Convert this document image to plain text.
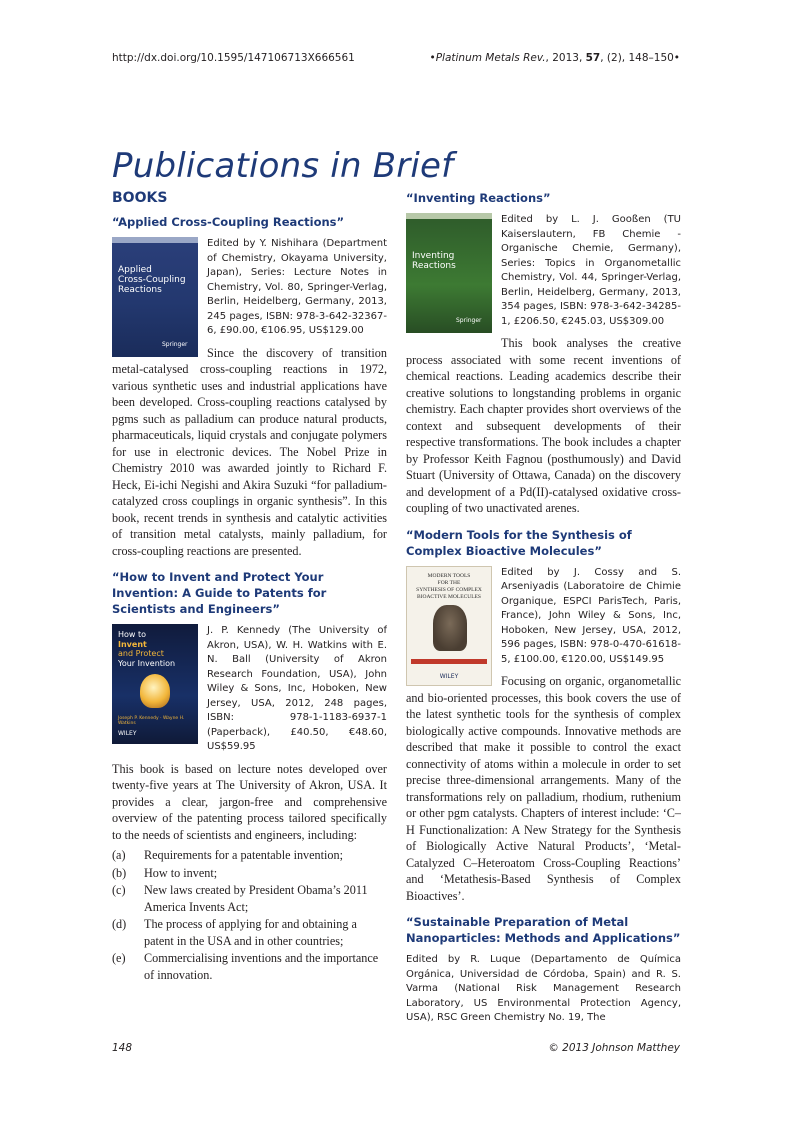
http://dx.doi.org/10.1595/147106713X666561	•Platinum Metals Rev., 2013, 57, (2), 148–150•
Publications in Brief
BOOKS
“Applied Cross-Coupling Reactions”
Applied
Cross-Coupling
Reactions
Springer

Edited by Y. Nishihara (Department of Chemistry, Okayama University, Japan), Series: Lecture Notes in Chemistry, Vol. 80, Springer-Verlag, Berlin, Heidelberg, Germany, 2013, 245 pages, ISBN: 978-3-642-32367-6, £90.00, €106.95, US$129.00

Since the discovery of transition metal-catalysed cross-coupling reactions in 1972, various synthetic uses and industrial applications have been developed. Cross-coupling reactions catalysed by pgms such as palladium can produce natural products, pharmaceuticals, liquid crystals and conjugate polymers for use in electronic devices. The Nobel Prize in Chemistry 2010 was awarded jointly to Richard F. Heck, Ei-ichi Negishi and Akira Suzuki “for palladium-catalyzed cross couplings in organic synthesis”. In this book, recent trends in synthesis and catalytic activities of transition metal catalysts, mainly palladium, for cross-coupling reactions are presented.

“How to Invent and Protect Your Invention: A Guide to Patents for Scientists and Engineers”
How to
Invent
and Protect
Your Invention
Joseph P. Kennedy · Wayne H. Watkins
WILEY

J. P. Kennedy (The University of Akron, USA), W. H. Watkins with E. N. Ball (University of Akron Research Foundation, USA), John Wiley & Sons, Inc, Hoboken, New Jersey, USA, 2012, 248 pages, ISBN: 978-1-1183-6937-1 (Paperback), £40.50, €48.60, US$59.95

This book is based on lecture notes developed over twenty-five years at The University of Akron, USA. It provides a clear, jargon-free and comprehensive overview of the patenting process tailored specifically to the needs of scientists and engineers, including:

(a) Requirements for a patentable invention;
(b) How to invent;
(c) New laws created by President Obama’s 2011 America Invents Act;
(d) The process of applying for and obtaining a patent in the USA and in other countries;
(e) Commercialising inventions and the importance of innovation.
“Inventing Reactions”
Inventing
Reactions
Springer

Edited by L. J. Gooßen (TU Kaiserslautern, FB Chemie - Organische Chemie, Germany), Series: Topics in Organometallic Chemistry, Vol. 44, Springer-Verlag, Berlin, Heidelberg, Germany, 2013, 354 pages, ISBN: 978-3-642-34285-1, £206.50, €245.03, US$309.00

This book analyses the creative process associated with some recent inventions of chemical reactions. Leading academics describe their creative solutions to longstanding problems in organic chemistry. Each chapter provides short overviews of the context and subsequent developments of their respective transformations. The book includes a chapter by Professor Keith Fagnou (posthumously) and David Stuart (University of Ottawa, Canada) on the discovery and development of a Pd(II)-catalysed oxidative cross-coupling of two unactivated arenes.

“Modern Tools for the Synthesis of Complex Bioactive Molecules”
MODERN TOOLS
FOR THE
SYNTHESIS OF COMPLEX
BIOACTIVE MOLECULES
WILEY

Edited by J. Cossy and S. Arseniyadis (Laboratoire de Chimie Organique, ESPCI ParisTech, Paris, France), John Wiley & Sons, Inc, Hoboken, New Jersey, USA, 2012, 596 pages, ISBN: 978-0-470-61618-5, £100.00, €120.00, US$149.95

Focusing on organic, organometallic and bio-oriented processes, this book covers the use of the latest synthetic tools for the synthesis of complex biologically active compounds. Innovative methods are described that make it possible to control the exact connectivity of atoms within a molecule in order to set precise three-dimensional arrangements. Many of the transformations rely on palladium, rhodium, ruthenium or other pgm catalysts. Chapters of interest include: ‘C–H Functionalization: A New Strategy for the Synthesis of Biologically Active Natural Products’, ‘Metal-Catalyzed C–Heteroatom Cross-Coupling Reactions’ and ‘Metathesis-Based Synthesis of Complex Bioactives’.

“Sustainable Preparation of Metal Nanoparticles: Methods and Applications”

Edited by R. Luque (Departamento de Química Orgánica, Universidad de Córdoba, Spain) and R. S. Varma (National Risk Management Research Laboratory, US Environmental Protection Agency, USA), RSC Green Chemistry No. 19, The

148	© 2013 Johnson Matthey
